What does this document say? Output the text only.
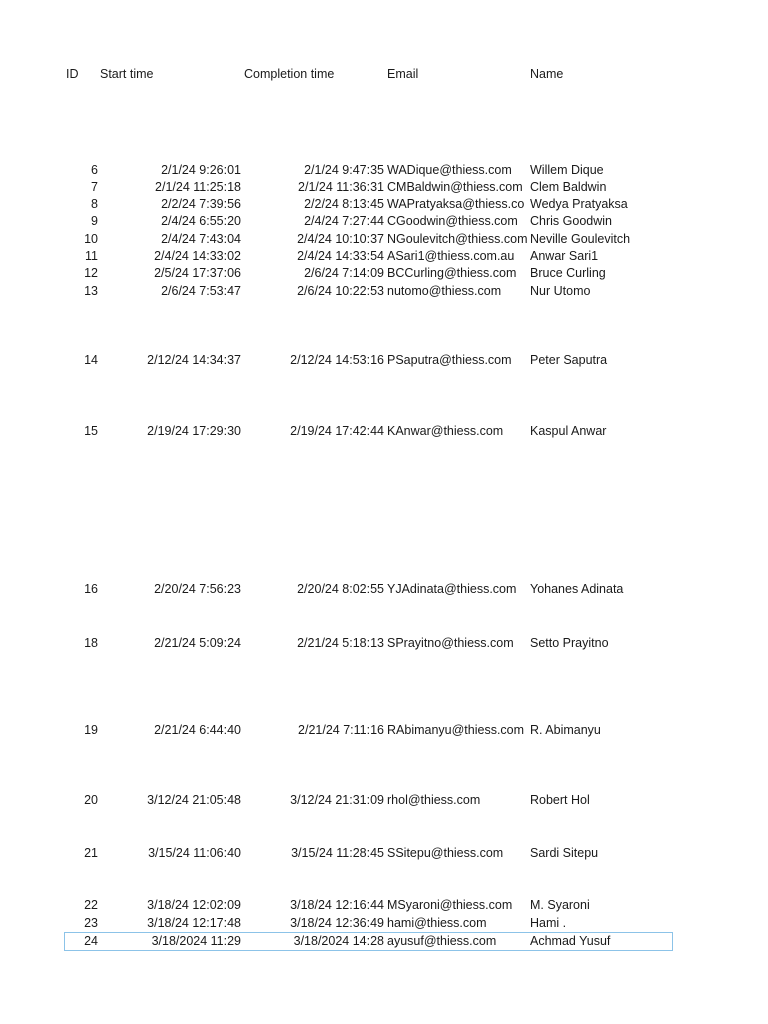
ID Start time	Completion time	Email	Name
6	2/1/24 9:26:01	2/1/24 9:47:35 WADique@thiess.com	Willem Dique
7	2/1/24 11:25:18	2/1/24 11:36:31 CMBaldwin@thiess.com Clem Baldwin
8	2/2/24 7:39:56	2/2/24 8:13:45 WAPratyaksa@thiess.co Wedya Pratyaksa
9	2/4/24 6:55:20	2/4/24 7:27:44 CGoodwin@thiess.com Chris Goodwin
10	2/4/24 7:43:04	2/4/24 10:10:37 NGoulevitch@thiess.com Neville Goulevitch
11	2/4/24 14:33:02	2/4/24 14:33:54 ASari1@thiess.com.au	Anwar Sari1
12	2/5/24 17:37:06	2/6/24 7:14:09 BCCurling@thiess.com	Bruce Curling
13	2/6/24 7:53:47	2/6/24 10:22:53 nutomo@thiess.com	Nur Utomo
14	2/12/24 14:34:37	2/12/24 14:53:16 PSaputra@thiess.com	Peter Saputra
15	2/19/24 17:29:30	2/19/24 17:42:44 KAnwar@thiess.com	Kaspul Anwar
16	2/20/24 7:56:23	2/20/24 8:02:55 YJAdinata@thiess.com	Yohanes Adinata
18	2/21/24 5:09:24	2/21/24 5:18:13 SPrayitno@thiess.com	Setto Prayitno
19	2/21/24 6:44:40	2/21/24 7:11:16 RAbimanyu@thiess.com R. Abimanyu
20	3/12/24 21:05:48	3/12/24 21:31:09 rhol@thiess.com	Robert Hol
21	3/15/24 11:06:40	3/15/24 11:28:45 SSitepu@thiess.com	Sardi Sitepu
22	3/18/24 12:02:09	3/18/24 12:16:44 MSyaroni@thiess.com	M. Syaroni
23	3/18/24 12:17:48	3/18/24 12:36:49 hami@thiess.com	Hami .
24	3/18/2024 11:29	3/18/2024 14:28 ayusuf@thiess.com	Achmad Yusuf
